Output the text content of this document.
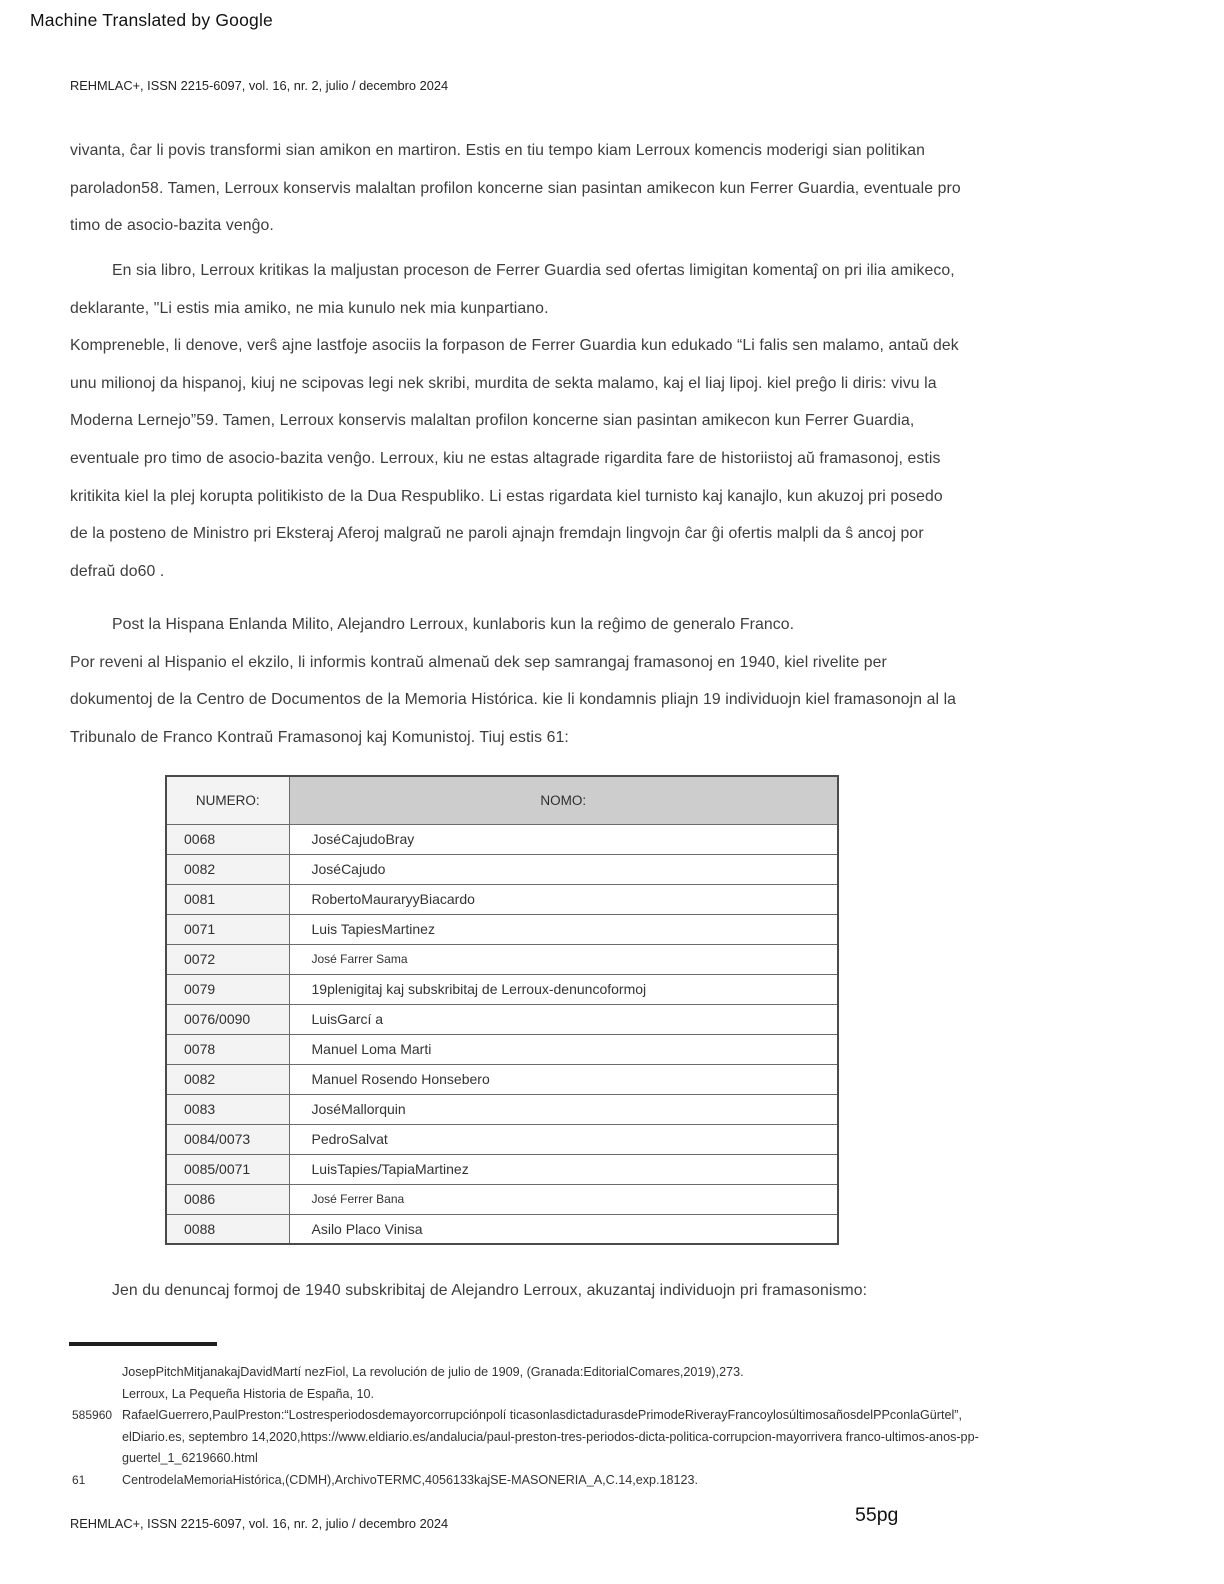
Machine Translated by Google
REHMLAC+, ISSN 2215-6097, vol. 16, nr. 2, julio / decembro 2024
vivanta, ĉar li povis transformi sian amikon en martiron. Estis en tiu tempo kiam Lerroux komencis moderigi sian politikan paroladon58. Tamen, Lerroux konservis malaltan profilon koncerne sian pasintan amikecon kun Ferrer Guardia, eventuale pro timo de asocio-bazita venĝo.
En sia libro, Lerroux kritikas la maljustan proceson de Ferrer Guardia sed ofertas limigitan komentaĵ on pri ilia amikeco, deklarante, "Li estis mia amiko, ne mia kunulo nek mia kunpartiano.
Kompreneble, li denove, verŝ ajne lastfoje asociis la forpason de Ferrer Guardia kun edukado “Li falis sen malamo, antaŭ dek unu milionoj da hispanoj, kiuj ne scipovas legi nek skribi, murdita de sekta malamo, kaj el liaj lipoj. kiel preĝo li diris: vivu la Moderna Lernejo”59. Tamen, Lerroux konservis malaltan profilon koncerne sian pasintan amikecon kun Ferrer Guardia, eventuale pro timo de asocio-bazita venĝo. Lerroux, kiu ne estas altagrade rigardita fare de historiistoj aŭ framasonoj, estis kritikita kiel la plej korupta politikisto de la Dua Respubliko. Li estas rigardata kiel turnisto kaj kanajlo, kun akuzoj pri posedo de la posteno de Ministro pri Eksteraj Aferoj malgraŭ ne paroli ajnajn fremdajn lingvojn ĉar ĝi ofertis malpli da ŝ ancoj por defraŭ do60 .
Post la Hispana Enlanda Milito, Alejandro Lerroux, kunlaboris kun la reĝimo de generalo Franco.
Por reveni al Hispanio el ekzilo, li informis kontraŭ almenaŭ dek sep samrangaj framasonoj en 1940, kiel rivelite per dokumentoj de la Centro de Documentos de la Memoria Histórica. kie li kondamnis pliajn 19 individuojn kiel framasonojn al la Tribunalo de Franco Kontraŭ Framasonoj kaj Komunistoj. Tiuj estis 61:
NUMERO:	NOMO:
0068	JoséCajudoBray
0082	JoséCajudo
0081	RobertoMauraryyBiacardo
0071	Luis TapiesMartinez
0072	José Farrer Sama
0079	19plenigitaj kaj subskribitaj de Lerroux-denuncoformoj
0076/0090	LuisGarcí a
0078	Manuel Loma Marti
0082	Manuel Rosendo Honsebero
0083	JoséMallorquin
0084/0073	PedroSalvat
0085/0071	LuisTapies/TapiaMartinez
0086	José Ferrer Bana
0088	Asilo Placo Vinisa
Jen du denuncaj formoj de 1940 subskribitaj de Alejandro Lerroux, akuzantaj individuojn pri framasonismo:
JosepPitchMitjanakajDavidMartí nezFiol, La revolución de julio de 1909, (Granada:EditorialComares,2019),273.
Lerroux, La Pequeña Historia de España, 10.
585960 RafaelGuerrero,PaulPreston:“Lostresperiodosdemayorcorrupciónpolí ticasonlasdictadurasdePrimodeRiverayFrancoylosúltimosañosdelPPconlaGürtel”, elDiario.es, septembro 14,2020,https://www.eldiario.es/andalucia/paul-preston-tres-periodos-dicta-politica-corrupcion-mayorrivera franco-ultimos-anos-pp-guertel_1_6219660.html
61	CentrodelaMemoriaHistórica,(CDMH),ArchivoTERMC,4056133kajSE-MASONERIA_A,C.14,exp.18123.
REHMLAC+, ISSN 2215-6097, vol. 16, nr. 2, julio / decembro 2024	55pg
